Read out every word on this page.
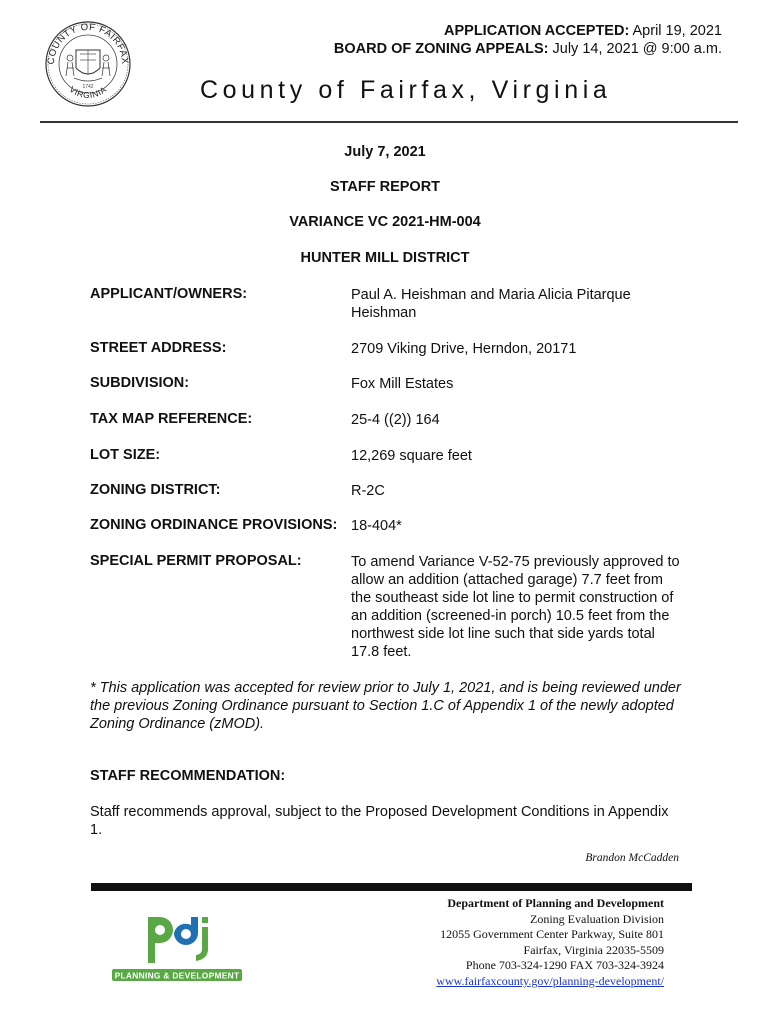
COUNTY OF FAIRFAX
VIRGINIA
1742
APPLICATION ACCEPTED: April 19, 2021
BOARD OF ZONING APPEALS: July 14, 2021 @ 9:00 a.m.
County of Fairfax, Virginia
July 7, 2021
STAFF REPORT
VARIANCE VC 2021-HM-004
HUNTER MILL DISTRICT
APPLICANT/OWNERS:	Paul A. Heishman and Maria Alicia Pitarque Heishman
STREET ADDRESS:	2709 Viking Drive, Herndon, 20171
SUBDIVISION:	Fox Mill Estates
TAX MAP REFERENCE:	25-4 ((2)) 164
LOT SIZE:	12,269 square feet
ZONING DISTRICT:	R-2C
ZONING ORDINANCE PROVISIONS: 18-404*
SPECIAL PERMIT PROPOSAL:	To amend Variance V-52-75 previously approved to allow an addition (attached garage) 7.7 feet from the southeast side lot line to permit construction of an addition (screened-in porch) 10.5 feet from the northwest side lot line such that side yards total 17.8 feet.
* This application was accepted for review prior to July 1, 2021, and is being reviewed under the previous Zoning Ordinance pursuant to Section 1.C of Appendix 1 of the newly adopted Zoning Ordinance (zMOD).
STAFF RECOMMENDATION:
Staff recommends approval, subject to the Proposed Development Conditions in Appendix 1.
Brandon McCadden
PLANNING & DEVELOPMENT
Department of Planning and Development
Zoning Evaluation Division
12055 Government Center Parkway, Suite 801
Fairfax, Virginia 22035-5509
Phone 703-324-1290 FAX 703-324-3924
www.fairfaxcounty.gov/planning-development/
